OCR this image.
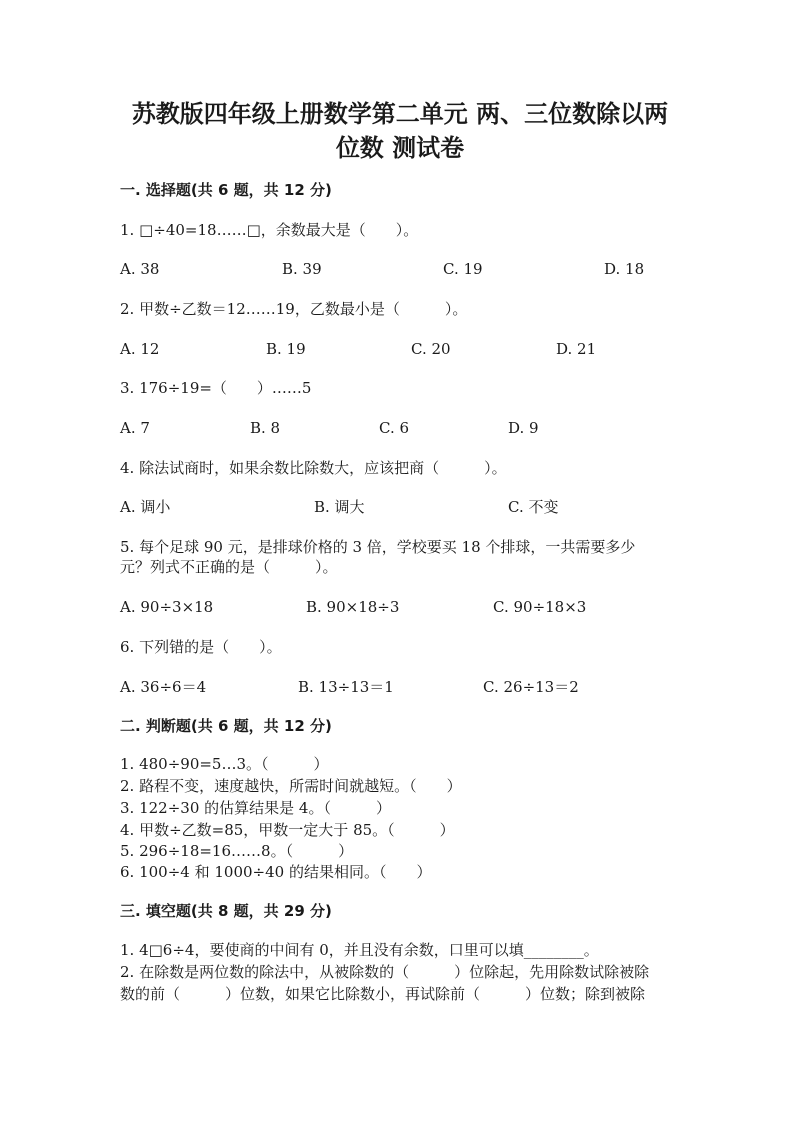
苏教版四年级上册数学第二单元 两、三位数除以两
位数 测试卷
一. 选择题(共 6 题，共 12 分)
1. □÷40=18……□，余数最大是（　　）。
A. 38	B. 39	C. 19	D. 18
2. 甲数÷乙数＝12……19，乙数最小是（　　　）。
A. 12	B. 19	C. 20	D. 21
3. 176÷19=（　　）……5
A. 7	B. 8	C. 6	D. 9
4. 除法试商时，如果余数比除数大，应该把商（　　　）。
A. 调小	B. 调大	C. 不变
5. 每个足球 90 元，是排球价格的 3 倍，学校要买 18 个排球，一共需要多少
元？列式不正确的是（　　　）。
A. 90÷3×18	B. 90×18÷3	C. 90÷18×3
6. 下列错的是（　　）。
A. 36÷6＝4	B. 13÷13＝1	C. 26÷13＝2
二. 判断题(共 6 题，共 12 分)
1. 480÷90=5…3。（　　　）
2. 路程不变，速度越快，所需时间就越短。（　　）
3. 122÷30 的估算结果是 4。（　　　）
4. 甲数÷乙数=85，甲数一定大于 85。（　　　）
5. 296÷18=16……8。（　　　）
6. 100÷4 和 1000÷40 的结果相同。（　　）
三. 填空题(共 8 题，共 29 分)
1. 4□6÷4，要使商的中间有 0，并且没有余数，口里可以填________。
2. 在除数是两位数的除法中，从被除数的（　　　）位除起，先用除数试除被除
数的前（　　　）位数，如果它比除数小，再试除前（　　　）位数；除到被除
